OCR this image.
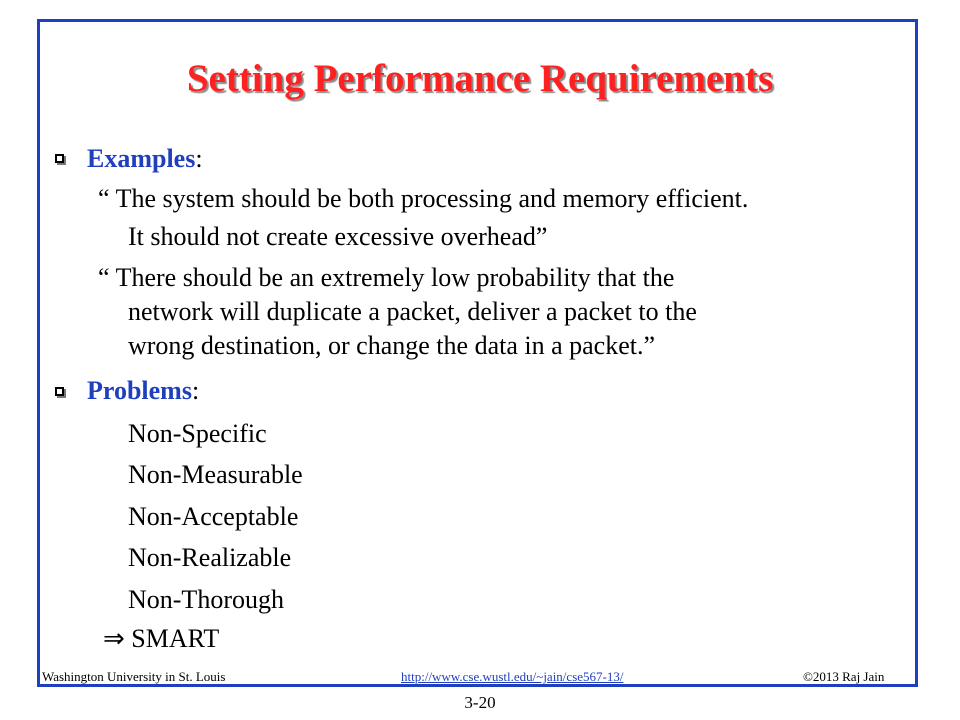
Setting Performance Requirements
Examples:
“ The system should be both processing and memory efficient.
It should not create excessive overhead”
“ There should be an extremely low probability that the
network will duplicate a packet, deliver a packet to the
wrong destination, or change the data in a packet.”
Problems:
Non-Specific
Non-Measurable
Non-Acceptable
Non-Realizable
Non-Thorough
⇒ SMART
Washington University in St. Louis	http://www.cse.wustl.edu/~jain/cse567-13/	©2013 Raj Jain
3-20
